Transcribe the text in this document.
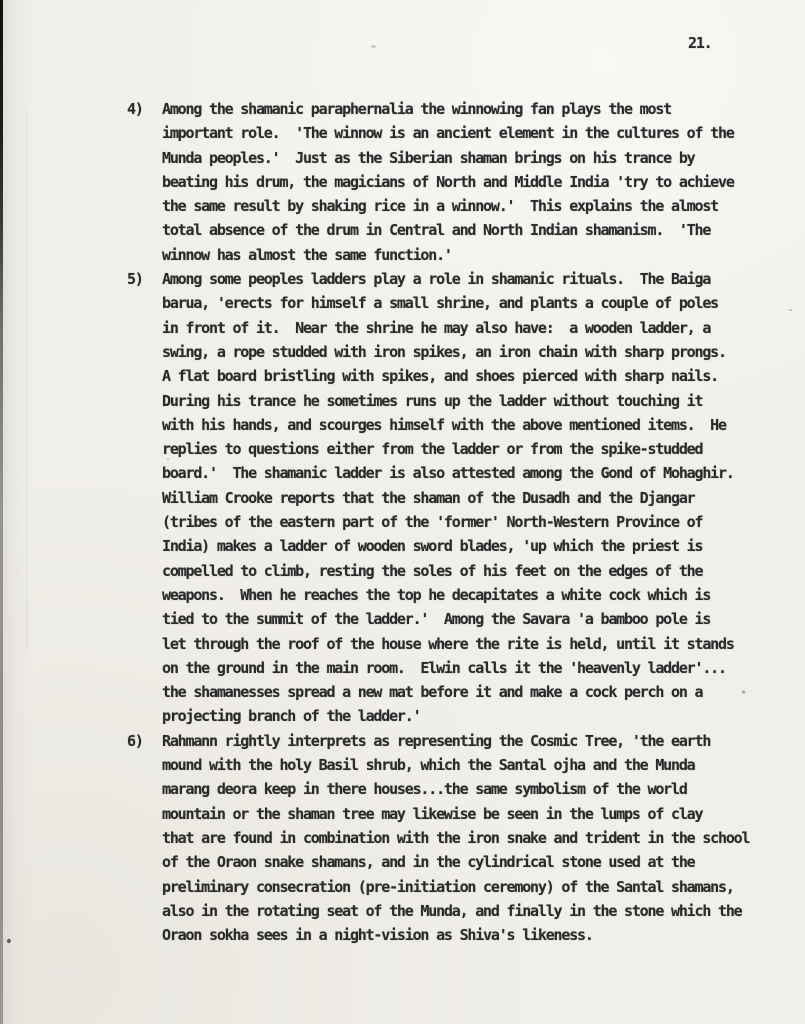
21.
4) Among the shamanic paraphernalia the winnowing fan plays the most
important role.  'The winnow is an ancient element in the cultures of the
Munda peoples.'  Just as the Siberian shaman brings on his trance by
beating his drum, the magicians of North and Middle India 'try to achieve
the same result by shaking rice in a winnow.'  This explains the almost
total absence of the drum in Central and North Indian shamanism.  'The
winnow has almost the same function.'
5) Among some peoples ladders play a role in shamanic rituals.  The Baiga
barua, 'erects for himself a small shrine, and plants a couple of poles
in front of it.  Near the shrine he may also have:  a wooden ladder, a
swing, a rope studded with iron spikes, an iron chain with sharp prongs.
A flat board bristling with spikes, and shoes pierced with sharp nails.
During his trance he sometimes runs up the ladder without touching it
with his hands, and scourges himself with the above mentioned items.  He
replies to questions either from the ladder or from the spike-studded
board.'  The shamanic ladder is also attested among the Gond of Mohaghir.
William Crooke reports that the shaman of the Dusadh and the Djangar
(tribes of the eastern part of the 'former' North-Western Province of
India) makes a ladder of wooden sword blades, 'up which the priest is
compelled to climb, resting the soles of his feet on the edges of the
weapons.  When he reaches the top he decapitates a white cock which is
tied to the summit of the ladder.'  Among the Savara 'a bamboo pole is
let through the roof of the house where the rite is held, until it stands
on the ground in the main room.  Elwin calls it the 'heavenly ladder'...
the shamanesses spread a new mat before it and make a cock perch on a
projecting branch of the ladder.'
6) Rahmann rightly interprets as representing the Cosmic Tree, 'the earth
mound with the holy Basil shrub, which the Santal ojha and the Munda
marang deora keep in there houses...the same symbolism of the world
mountain or the shaman tree may likewise be seen in the lumps of clay
that are found in combination with the iron snake and trident in the school
of the Oraon snake shamans, and in the cylindrical stone used at the
preliminary consecration (pre-initiation ceremony) of the Santal shamans,
also in the rotating seat of the Munda, and finally in the stone which the
Oraon sokha sees in a night-vision as Shiva's likeness.
